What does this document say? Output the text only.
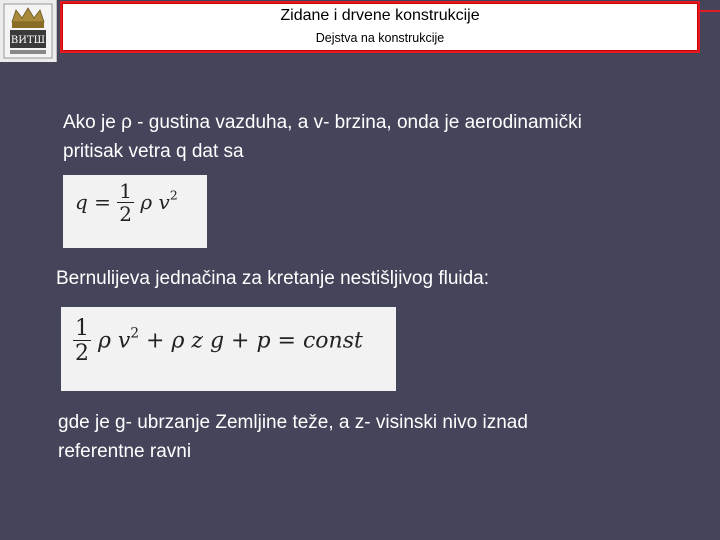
ВИТШ
Zidane i drvene konstrukcije
Dejstva na konstrukcije
Ako je ρ - gustina vazduha, a v- brzina, onda je aerodinamički
pritisak vetra q dat sa
$q = \frac{1}{2}$ ρ $v^2$
Bernulijeva jednačina za kretanje nestišljivog fluida:
$\frac{1}{2}$ ρ $v^2 + \rho$ z g + p = const
gde je g- ubrzanje Zemljine teže, a z- visinski nivo iznad
referentne ravni
